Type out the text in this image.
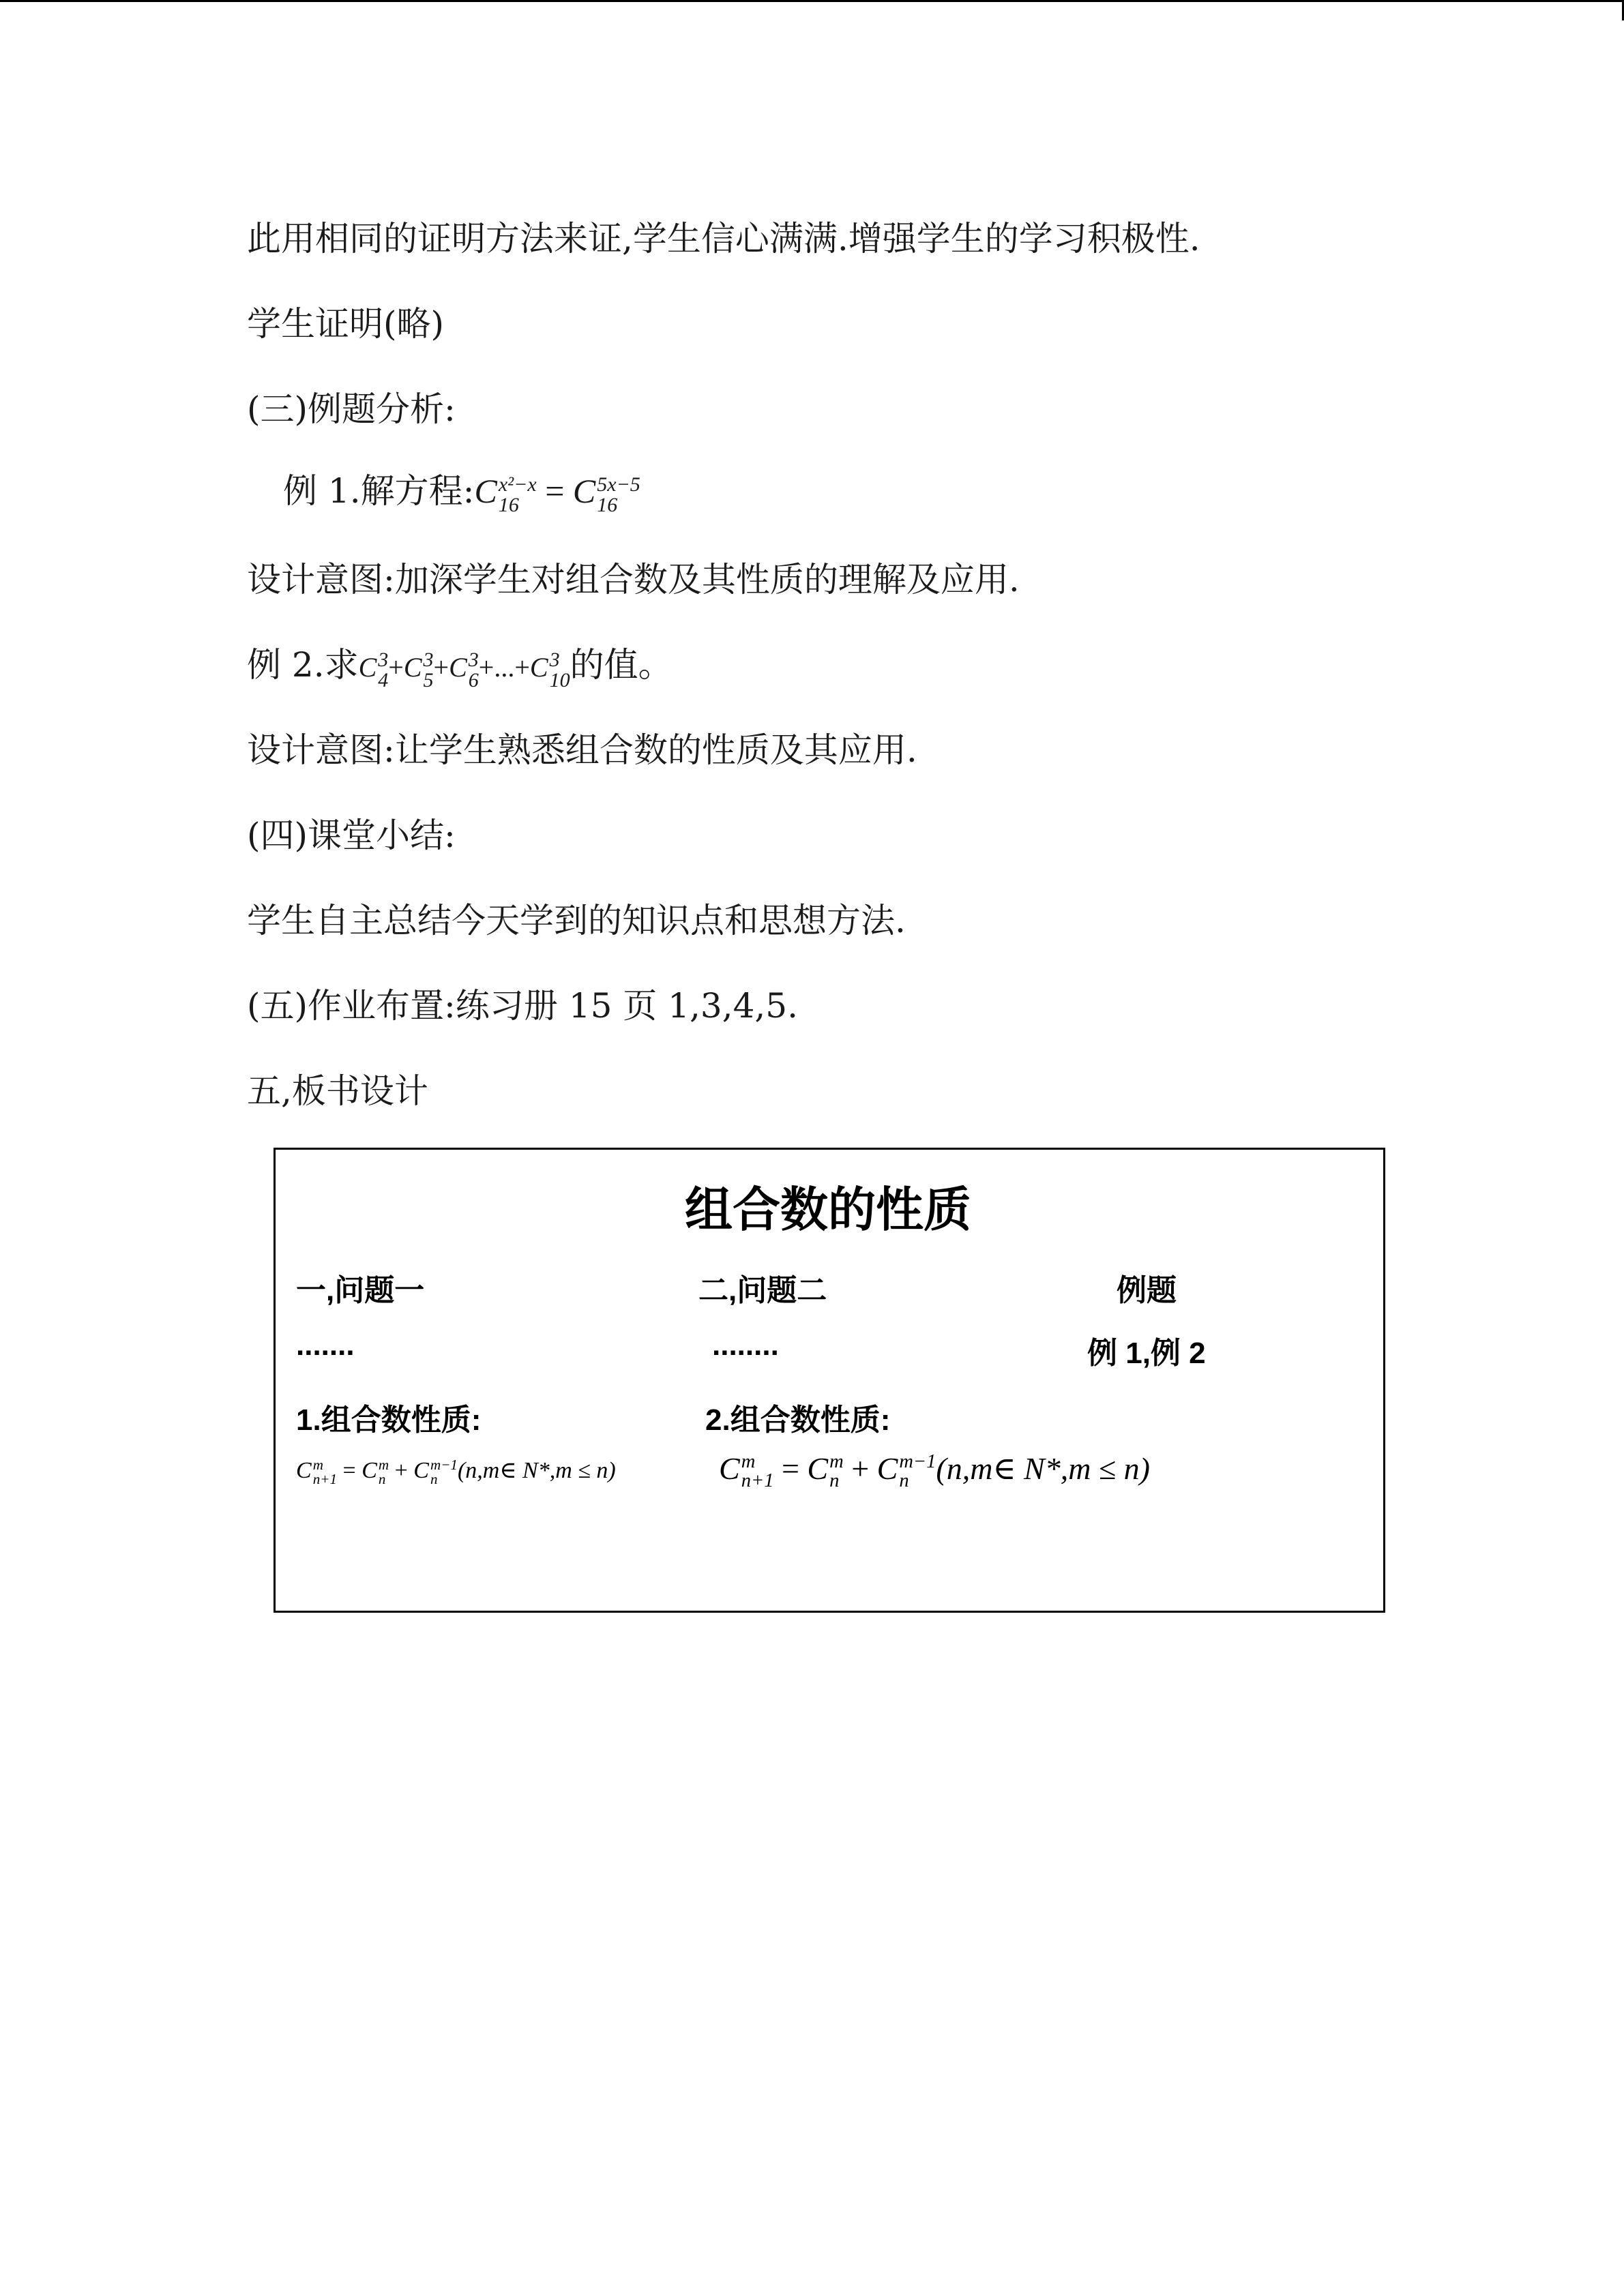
此用相同的证明方法来证,学生信心满满.增强学生的学习积极性.
学生证明(略)
(三)例题分析:
例 1.解方程:C x²−x
16 = C 5x−5
16
设计意图:加深学生对组合数及其性质的理解及应用.
例 2.求C 3
4 +C 3
5 +C 3
6 +...+C 3
10 的值。
设计意图:让学生熟悉组合数的性质及其应用.
(四)课堂小结:
学生自主总结今天学到的知识点和思想方法.
(五)作业布置:练习册 15 页 1,3,4,5.
五,板书设计
组合数的性质
一,问题一	二,问题二	例题
.......	........	例 1,例 2
1.组合数性质:	2.组合数性质:
C m
n+1 = C m
n + C m−1
n (n,m∈ N*,m ≤ n)	C m
n+1 = C m
n + C m−1
n (n,m∈ N*,m ≤ n)
